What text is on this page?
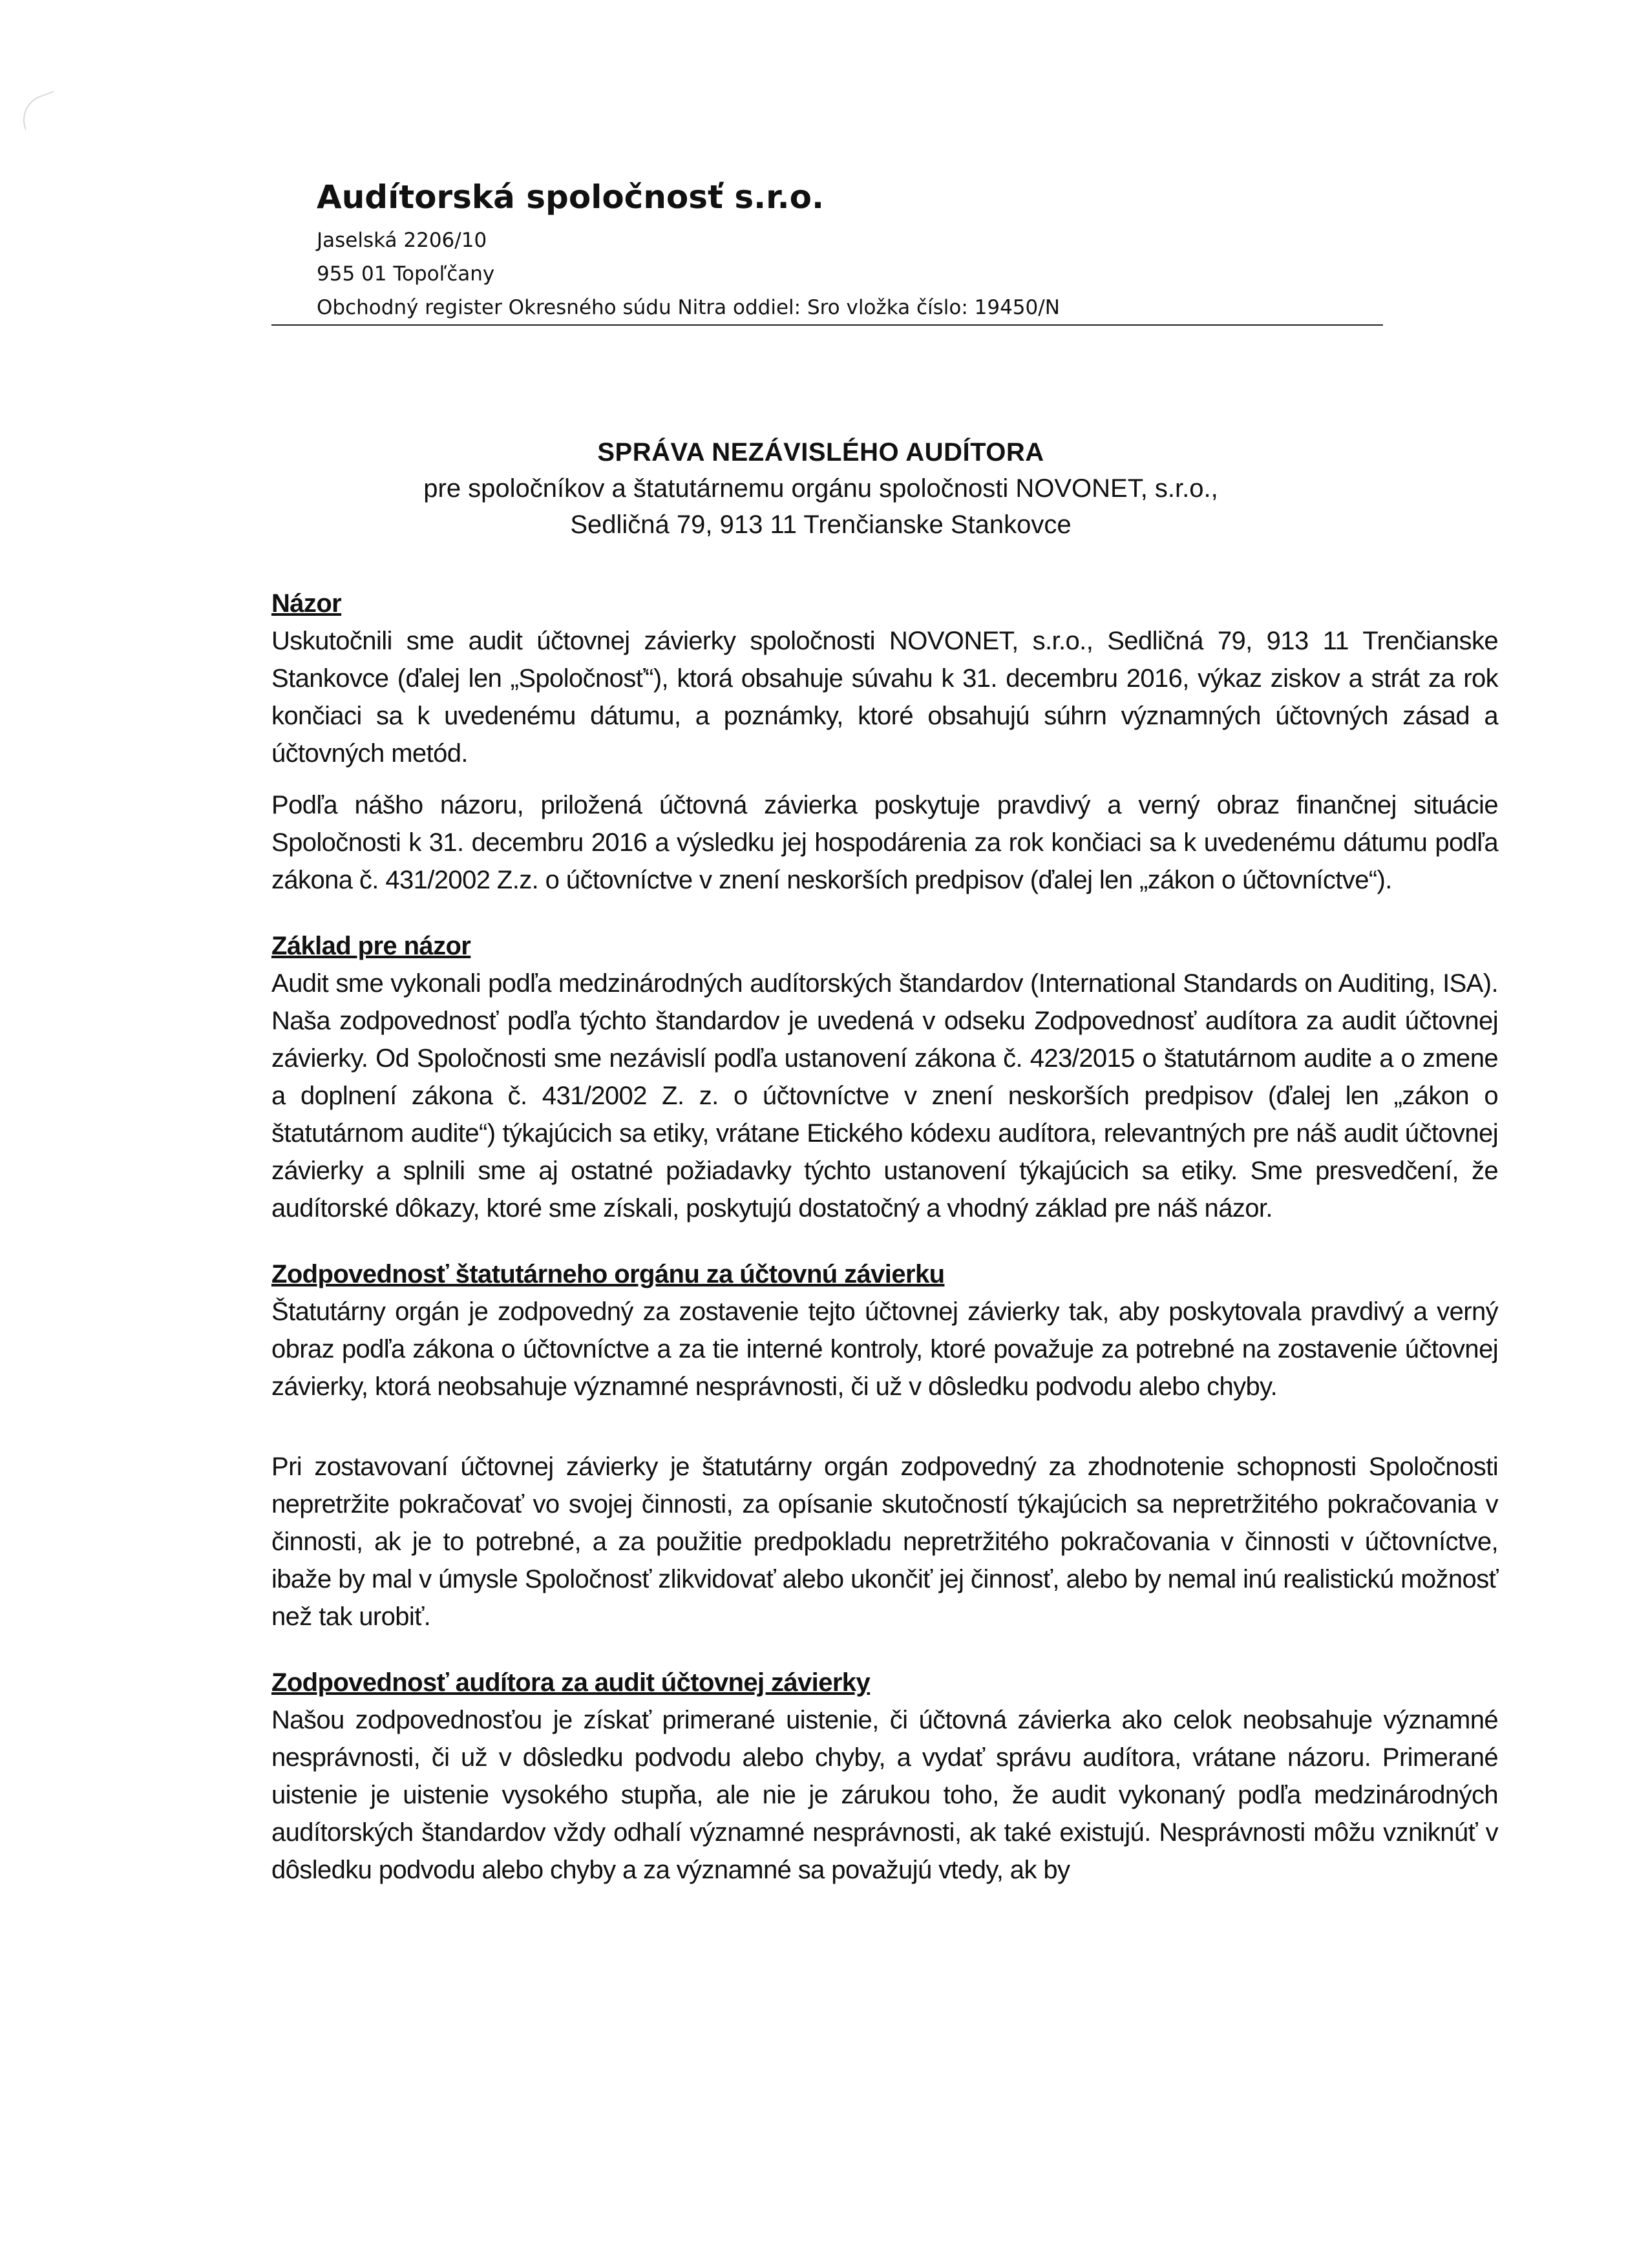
Audítorská spoločnosť s.r.o.

Jaselská 2206/10

955 01 Topoľčany

Obchodný register Okresného súdu Nitra oddiel: Sro vložka číslo: 19450/N

SPRÁVA NEZÁVISLÉHO AUDÍTORA

pre spoločníkov a štatutárnemu orgánu spoločnosti NOVONET, s.r.o.,

Sedličná 79, 913 11 Trenčianske Stankovce

Názor

Uskutočnili sme audit účtovnej závierky spoločnosti NOVONET, s.r.o., Sedličná 79, 913 11 Trenčianske Stankovce (ďalej len „Spoločnosť“), ktorá obsahuje súvahu k 31. decembru 2016, výkaz ziskov a strát za rok končiaci sa k uvedenému dátumu, a poznámky, ktoré obsahujú súhrn významných účtovných zásad a účtovných metód.

Podľa nášho názoru, priložená účtovná závierka poskytuje pravdivý a verný obraz finančnej situácie Spoločnosti k 31. decembru 2016 a výsledku jej hospodárenia za rok končiaci sa k uvedenému dátumu podľa zákona č. 431/2002 Z.z. o účtovníctve v znení neskorších predpisov (ďalej len „zákon o účtovníctve“).

Základ pre názor

Audit sme vykonali podľa medzinárodných audítorských štandardov (International Standards on Auditing, ISA). Naša zodpovednosť podľa týchto štandardov je uvedená v odseku Zodpovednosť audítora za audit účtovnej závierky. Od Spoločnosti sme nezávislí podľa ustanovení zákona č. 423/2015 o štatutárnom audite a o zmene a doplnení zákona č. 431/2002 Z. z. o účtovníctve v znení neskorších predpisov (ďalej len „zákon o štatutárnom audite“) týkajúcich sa etiky, vrátane Etického kódexu audítora, relevantných pre náš audit účtovnej závierky a splnili sme aj ostatné požiadavky týchto ustanovení týkajúcich sa etiky. Sme presvedčení, že audítorské dôkazy, ktoré sme získali, poskytujú dostatočný a vhodný základ pre náš názor.

Zodpovednosť štatutárneho orgánu za účtovnú závierku

Štatutárny orgán je zodpovedný za zostavenie tejto účtovnej závierky tak, aby poskytovala pravdivý a verný obraz podľa zákona o účtovníctve a za tie interné kontroly, ktoré považuje za potrebné na zostavenie účtovnej závierky, ktorá neobsahuje významné nesprávnosti, či už v dôsledku podvodu alebo chyby.

Pri zostavovaní účtovnej závierky je štatutárny orgán zodpovedný za zhodnotenie schopnosti Spoločnosti nepretržite pokračovať vo svojej činnosti, za opísanie skutočností týkajúcich sa nepretržitého pokračovania v činnosti, ak je to potrebné, a za použitie predpokladu nepretržitého pokračovania v činnosti v účtovníctve, ibaže by mal v úmysle Spoločnosť zlikvidovať alebo ukončiť jej činnosť, alebo by nemal inú realistickú možnosť než tak urobiť.

Zodpovednosť audítora za audit účtovnej závierky

Našou zodpovednosťou je získať primerané uistenie, či účtovná závierka ako celok neobsahuje významné nesprávnosti, či už v dôsledku podvodu alebo chyby, a vydať správu audítora, vrátane názoru. Primerané uistenie je uistenie vysokého stupňa, ale nie je zárukou toho, že audit vykonaný podľa medzinárodných audítorských štandardov vždy odhalí významné nesprávnosti, ak také existujú. Nesprávnosti môžu vzniknúť v dôsledku podvodu alebo chyby a za významné sa považujú vtedy, ak by
